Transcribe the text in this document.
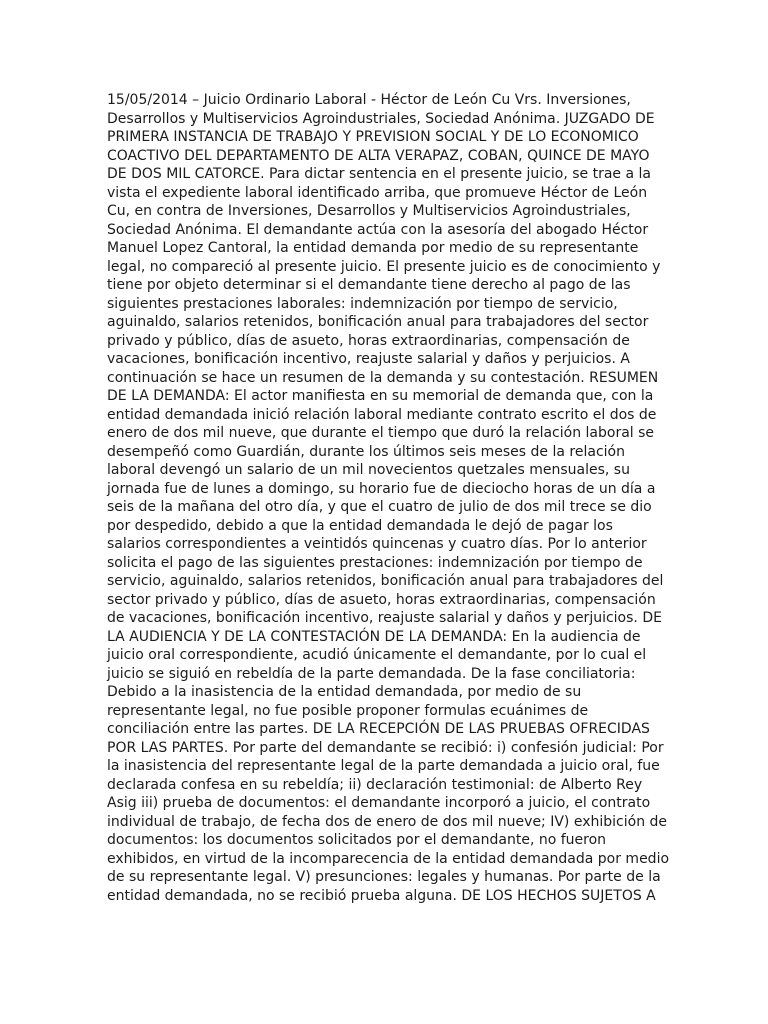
15/05/2014 – Juicio Ordinario Laboral - Héctor de León Cu Vrs. Inversiones,
Desarrollos y Multiservicios Agroindustriales, Sociedad Anónima. JUZGADO DE
PRIMERA INSTANCIA DE TRABAJO Y PREVISION SOCIAL Y DE LO ECONOMICO
COACTIVO DEL DEPARTAMENTO DE ALTA VERAPAZ, COBAN, QUINCE DE MAYO
DE DOS MIL CATORCE. Para dictar sentencia en el presente juicio, se trae a la
vista el expediente laboral identificado arriba, que promueve Héctor de León
Cu, en contra de Inversiones, Desarrollos y Multiservicios Agroindustriales,
Sociedad Anónima. El demandante actúa con la asesoría del abogado Héctor
Manuel Lopez Cantoral, la entidad demanda por medio de su representante
legal, no compareció al presente juicio. El presente juicio es de conocimiento y
tiene por objeto determinar si el demandante tiene derecho al pago de las
siguientes prestaciones laborales: indemnización por tiempo de servicio,
aguinaldo, salarios retenidos, bonificación anual para trabajadores del sector
privado y público, días de asueto, horas extraordinarias, compensación de
vacaciones, bonificación incentivo, reajuste salarial y daños y perjuicios. A
continuación se hace un resumen de la demanda y su contestación. RESUMEN
DE LA DEMANDA: El actor manifiesta en su memorial de demanda que, con la
entidad demandada inició relación laboral mediante contrato escrito el dos de
enero de dos mil nueve, que durante el tiempo que duró la relación laboral se
desempeñó como Guardián, durante los últimos seis meses de la relación
laboral devengó un salario de un mil novecientos quetzales mensuales, su
jornada fue de lunes a domingo, su horario fue de dieciocho horas de un día a
seis de la mañana del otro día, y que el cuatro de julio de dos mil trece se dio
por despedido, debido a que la entidad demandada le dejó de pagar los
salarios correspondientes a veintidós quincenas y cuatro días. Por lo anterior
solicita el pago de las siguientes prestaciones: indemnización por tiempo de
servicio, aguinaldo, salarios retenidos, bonificación anual para trabajadores del
sector privado y público, días de asueto, horas extraordinarias, compensación
de vacaciones, bonificación incentivo, reajuste salarial y daños y perjuicios. DE
LA AUDIENCIA Y DE LA CONTESTACIÓN DE LA DEMANDA: En la audiencia de
juicio oral correspondiente, acudió únicamente el demandante, por lo cual el
juicio se siguió en rebeldía de la parte demandada. De la fase conciliatoria:
Debido a la inasistencia de la entidad demandada, por medio de su
representante legal, no fue posible proponer formulas ecuánimes de
conciliación entre las partes. DE LA RECEPCIÓN DE LAS PRUEBAS OFRECIDAS
POR LAS PARTES. Por parte del demandante se recibió: i) confesión judicial: Por
la inasistencia del representante legal de la parte demandada a juicio oral, fue
declarada confesa en su rebeldía; ii) declaración testimonial: de Alberto Rey
Asig iii) prueba de documentos: el demandante incorporó a juicio, el contrato
individual de trabajo, de fecha dos de enero de dos mil nueve; IV) exhibición de
documentos: los documentos solicitados por el demandante, no fueron
exhibidos, en virtud de la incomparecencia de la entidad demandada por medio
de su representante legal. V) presunciones: legales y humanas. Por parte de la
entidad demandada, no se recibió prueba alguna. DE LOS HECHOS SUJETOS A
